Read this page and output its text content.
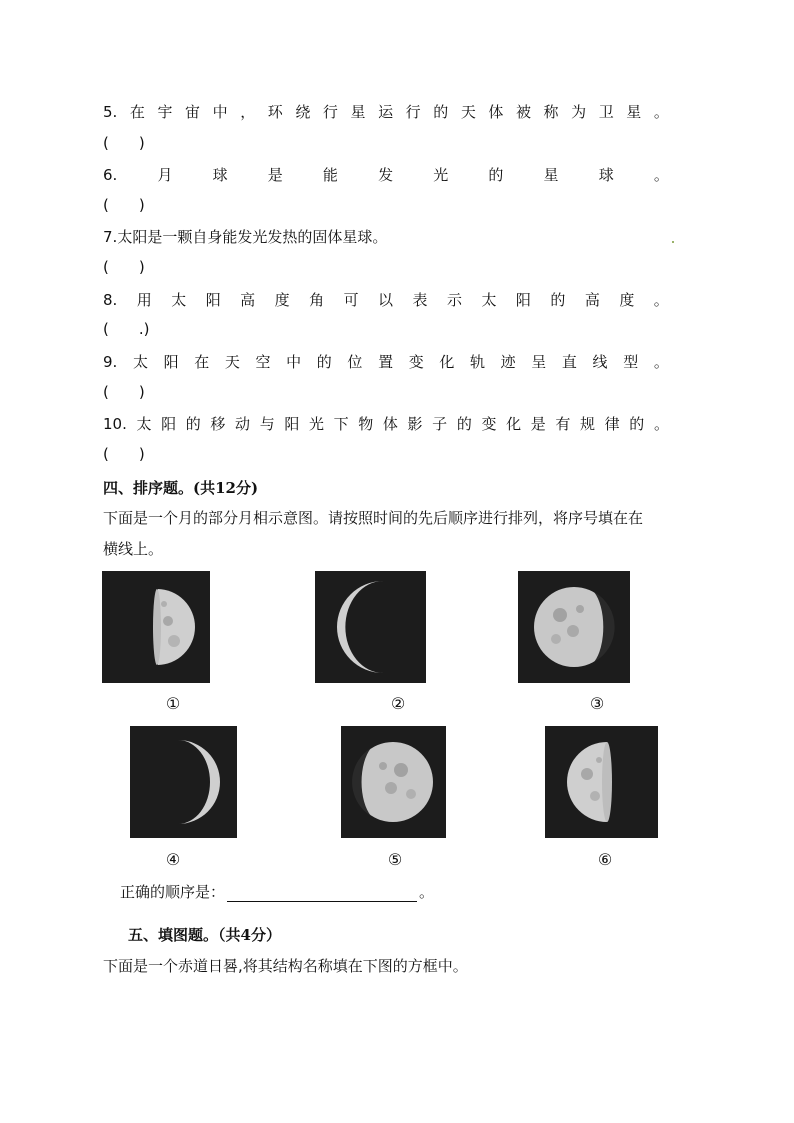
5. 在 宇 宙 中 ， 环 绕 行 星 运 行 的 天 体 被 称 为 卫 星 。
(　　)
6.	月	球	是	能	发	光	的	星	球	。
(　　)
7.太阳是一颗自身能发光发热的固体星球。
(　　)
8. 用 太 阳 高 度 角 可 以 表 示 太 阳 的 高 度 。
(　　.)
9. 太 阳 在 天 空 中 的 位 置 变 化 轨 迹 呈 直 线 型 。
(　　)
10. 太 阳 的 移 动 与 阳 光 下 物 体 影 子 的 变 化 是 有 规 律 的 。
(　　)
四、排序题。(共12分)
下面是一个月的部分月相示意图。请按照时间的先后顺序进行排列，将序号填在在
横线上。
①	②	③
④	⑤	⑥
正确的顺序是：	。
五、填图题。（共4分）
下面是一个赤道日晷,将其结构名称填在下图的方框中。
